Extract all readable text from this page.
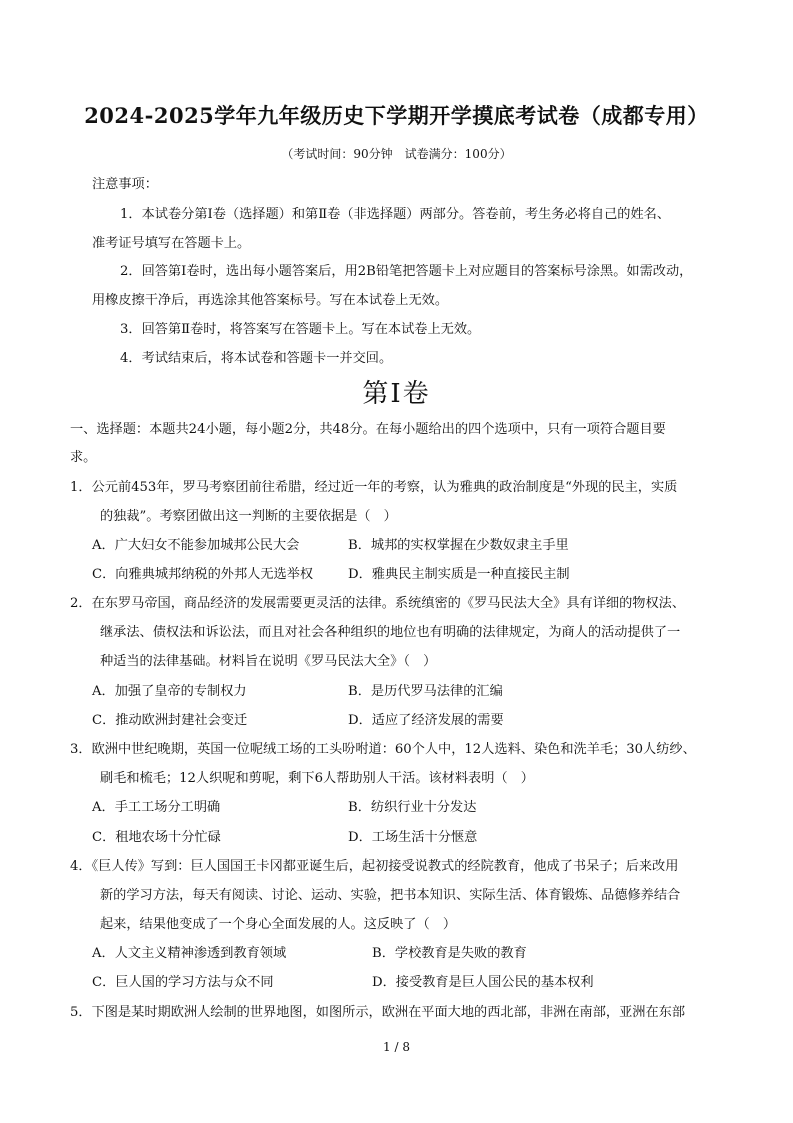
2024-2025学年九年级历史下学期开学摸底考试卷（成都专用）
（考试时间：90分钟　试卷满分：100分）
注意事项：
1．本试卷分第Ⅰ卷（选择题）和第Ⅱ卷（非选择题）两部分。答卷前，考生务必将自己的姓名、
准考证号填写在答题卡上。
2．回答第Ⅰ卷时，选出每小题答案后，用2B铅笔把答题卡上对应题目的答案标号涂黑。如需改动，
用橡皮擦干净后，再选涂其他答案标号。写在本试卷上无效。
3．回答第Ⅱ卷时，将答案写在答题卡上。写在本试卷上无效。
4．考试结束后，将本试卷和答题卡一并交回。
第Ⅰ卷
一、选择题：本题共24小题，每小题2分，共48分。在每小题给出的四个选项中，只有一项符合题目要
求。
1．公元前453年，罗马考察团前往希腊，经过近一年的考察，认为雅典的政治制度是“外现的民主，实质
的独裁”。考察团做出这一判断的主要依据是（　）
A．广大妇女不能参加城邦公民大会	B．城邦的实权掌握在少数奴隶主手里
C．向雅典城邦纳税的外邦人无选举权	D．雅典民主制实质是一种直接民主制
2．在东罗马帝国，商品经济的发展需要更灵活的法律。系统缜密的《罗马民法大全》具有详细的物权法、
继承法、债权法和诉讼法，而且对社会各种组织的地位也有明确的法律规定，为商人的活动提供了一
种适当的法律基础。材料旨在说明《罗马民法大全》（　）
A．加强了皇帝的专制权力	B．是历代罗马法律的汇编
C．推动欧洲封建社会变迁	D．适应了经济发展的需要
3．欧洲中世纪晚期，英国一位呢绒工场的工头吩咐道：60个人中，12人选料、染色和洗羊毛；30人纺纱、
刷毛和梳毛；12人织呢和剪呢，剩下6人帮助别人干活。该材料表明（　）
A．手工工场分工明确	B．纺织行业十分发达
C．租地农场十分忙碌	D．工场生活十分惬意
4．《巨人传》写到：巨人国国王卡冈都亚诞生后，起初接受说教式的经院教育，他成了书呆子；后来改用
新的学习方法，每天有阅读、讨论、运动、实验，把书本知识、实际生活、体育锻炼、品德修养结合
起来，结果他变成了一个身心全面发展的人。这反映了（　）
A．人文主义精神渗透到教育领域	B．学校教育是失败的教育
C．巨人国的学习方法与众不同	D．接受教育是巨人国公民的基本权利
5．下图是某时期欧洲人绘制的世界地图，如图所示，欧洲在平面大地的西北部，非洲在南部，亚洲在东部
1 / 8
